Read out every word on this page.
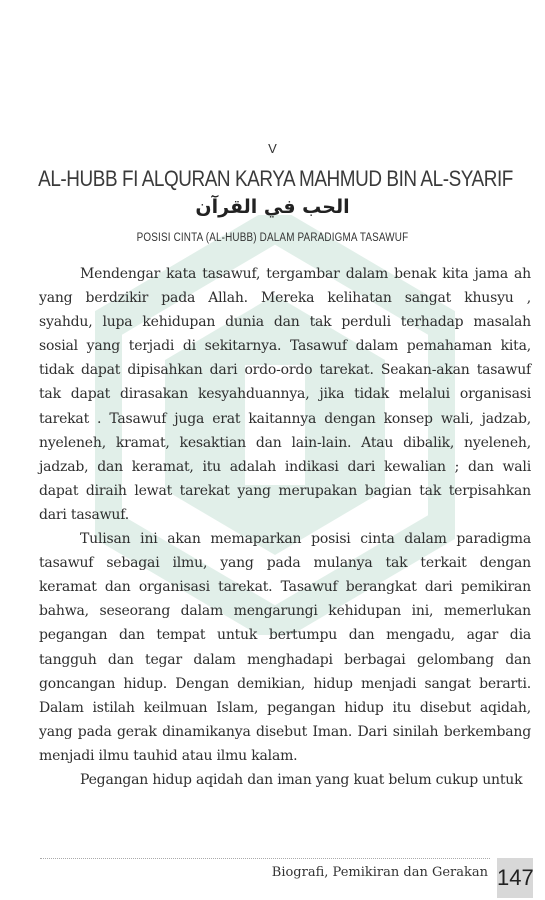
V
AL-HUBB FI ALQURAN KARYA MAHMUD BIN AL-SYARIF
الحب في القرآن
POSISI CINTA (AL-HUBB) DALAM PARADIGMA TASAWUF

Mendengar kata tasawuf, tergambar dalam benak kita jama ah
yang berdzikir pada Allah. Mereka kelihatan sangat khusyu ,
syahdu, lupa kehidupan dunia dan tak perduli terhadap masalah
sosial yang terjadi di sekitarnya. Tasawuf dalam pemahaman kita,
tidak dapat dipisahkan dari ordo-ordo tarekat. Seakan-akan tasawuf
tak dapat dirasakan kesyahduannya, jika tidak melalui organisasi
tarekat . Tasawuf juga erat kaitannya dengan konsep wali, jadzab,
nyeleneh, kramat, kesaktian dan lain-lain. Atau dibalik, nyeleneh,
jadzab, dan keramat, itu adalah indikasi dari kewalian ; dan wali
dapat diraih lewat tarekat yang merupakan bagian tak terpisahkan
dari tasawuf.

Tulisan ini akan memaparkan posisi cinta dalam paradigma
tasawuf sebagai ilmu, yang pada mulanya tak terkait dengan
keramat dan organisasi tarekat. Tasawuf berangkat dari pemikiran
bahwa, seseorang dalam mengarungi kehidupan ini, memerlukan
pegangan dan tempat untuk bertumpu dan mengadu, agar dia
tangguh dan tegar dalam menghadapi berbagai gelombang dan
goncangan hidup. Dengan demikian, hidup menjadi sangat berarti.
Dalam istilah keilmuan Islam, pegangan hidup itu disebut aqidah,
yang pada gerak dinamikanya disebut Iman. Dari sinilah berkembang
menjadi ilmu tauhid atau ilmu kalam.

Pegangan hidup aqidah dan iman yang kuat belum cukup untuk

Biografi, Pemikiran dan Gerakan 147
